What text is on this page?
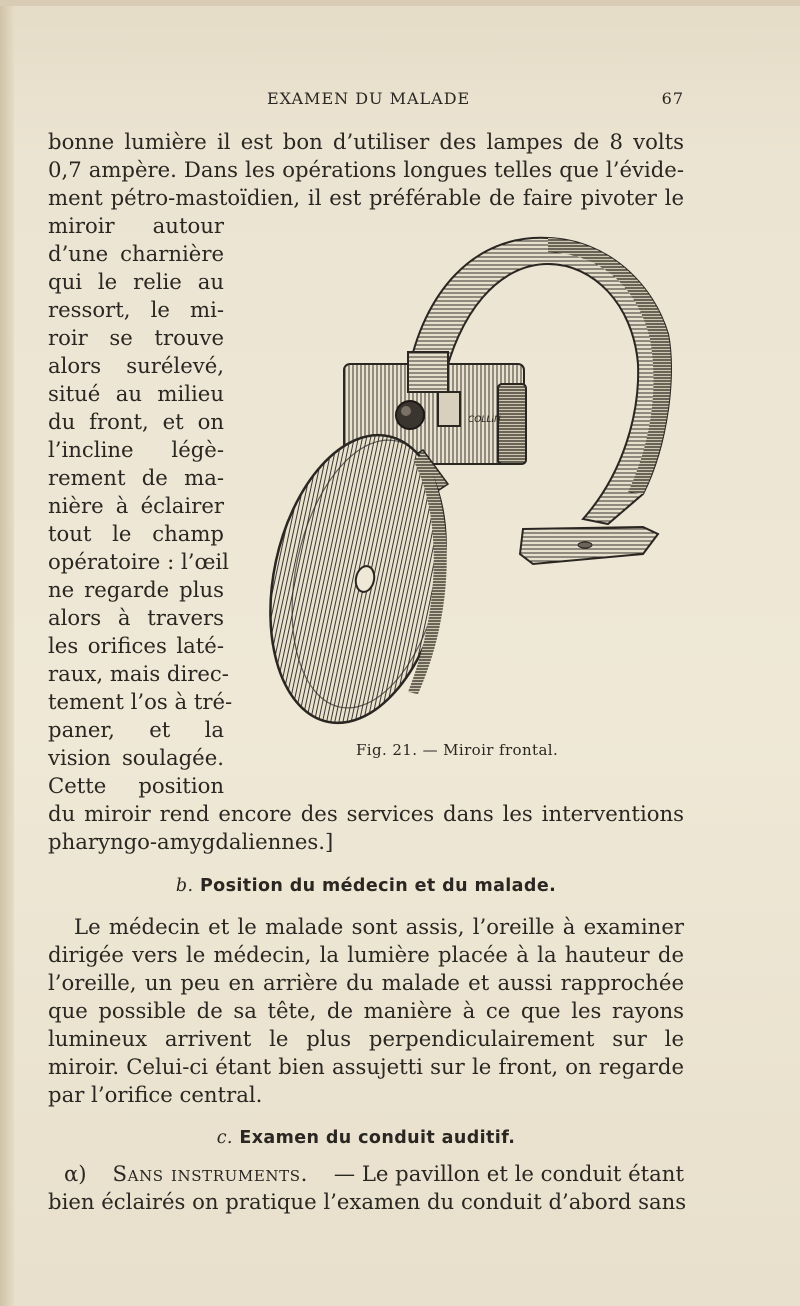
EXAMEN DU MALADE	67
bonne lumière il est bon d’utiliser des lampes de 8 volts
0,7 ampère. Dans les opérations longues telles que l’évide-
ment pétro-mastoïdien, il est préférable de faire pivoter le
miroir autour
d’une charnière
qui le relie au
ressort, le mi-
roir se trouve
alors surélevé,
situé au milieu
du front, et on
l’incline légè-
rement de ma-
nière à éclairer
tout le champ
opératoire : l’œil
ne regarde plus
alors à travers
les orifices laté-
raux, mais direc-
tement l’os à tré-
paner, et la
vision soulagée.
Cette position
COLLIN
Fig. 21. — Miroir frontal.
du miroir rend encore des services dans les interventions
pharyngo-amygdaliennes.]
b. Position du médecin et du malade.
Le médecin et le malade sont assis, l’oreille à examiner
dirigée vers le médecin, la lumière placée à la hauteur de
l’oreille, un peu en arrière du malade et aussi rapprochée
que possible de sa tête, de manière à ce que les rayons
lumineux arrivent le plus perpendiculairement sur le
miroir. Celui-ci étant bien assujetti sur le front, on regarde
par l’orifice central.
c. Examen du conduit auditif.
α) Sans instruments. — Le pavillon et le conduit étant
bien éclairés on pratique l’examen du conduit d’abord sans
